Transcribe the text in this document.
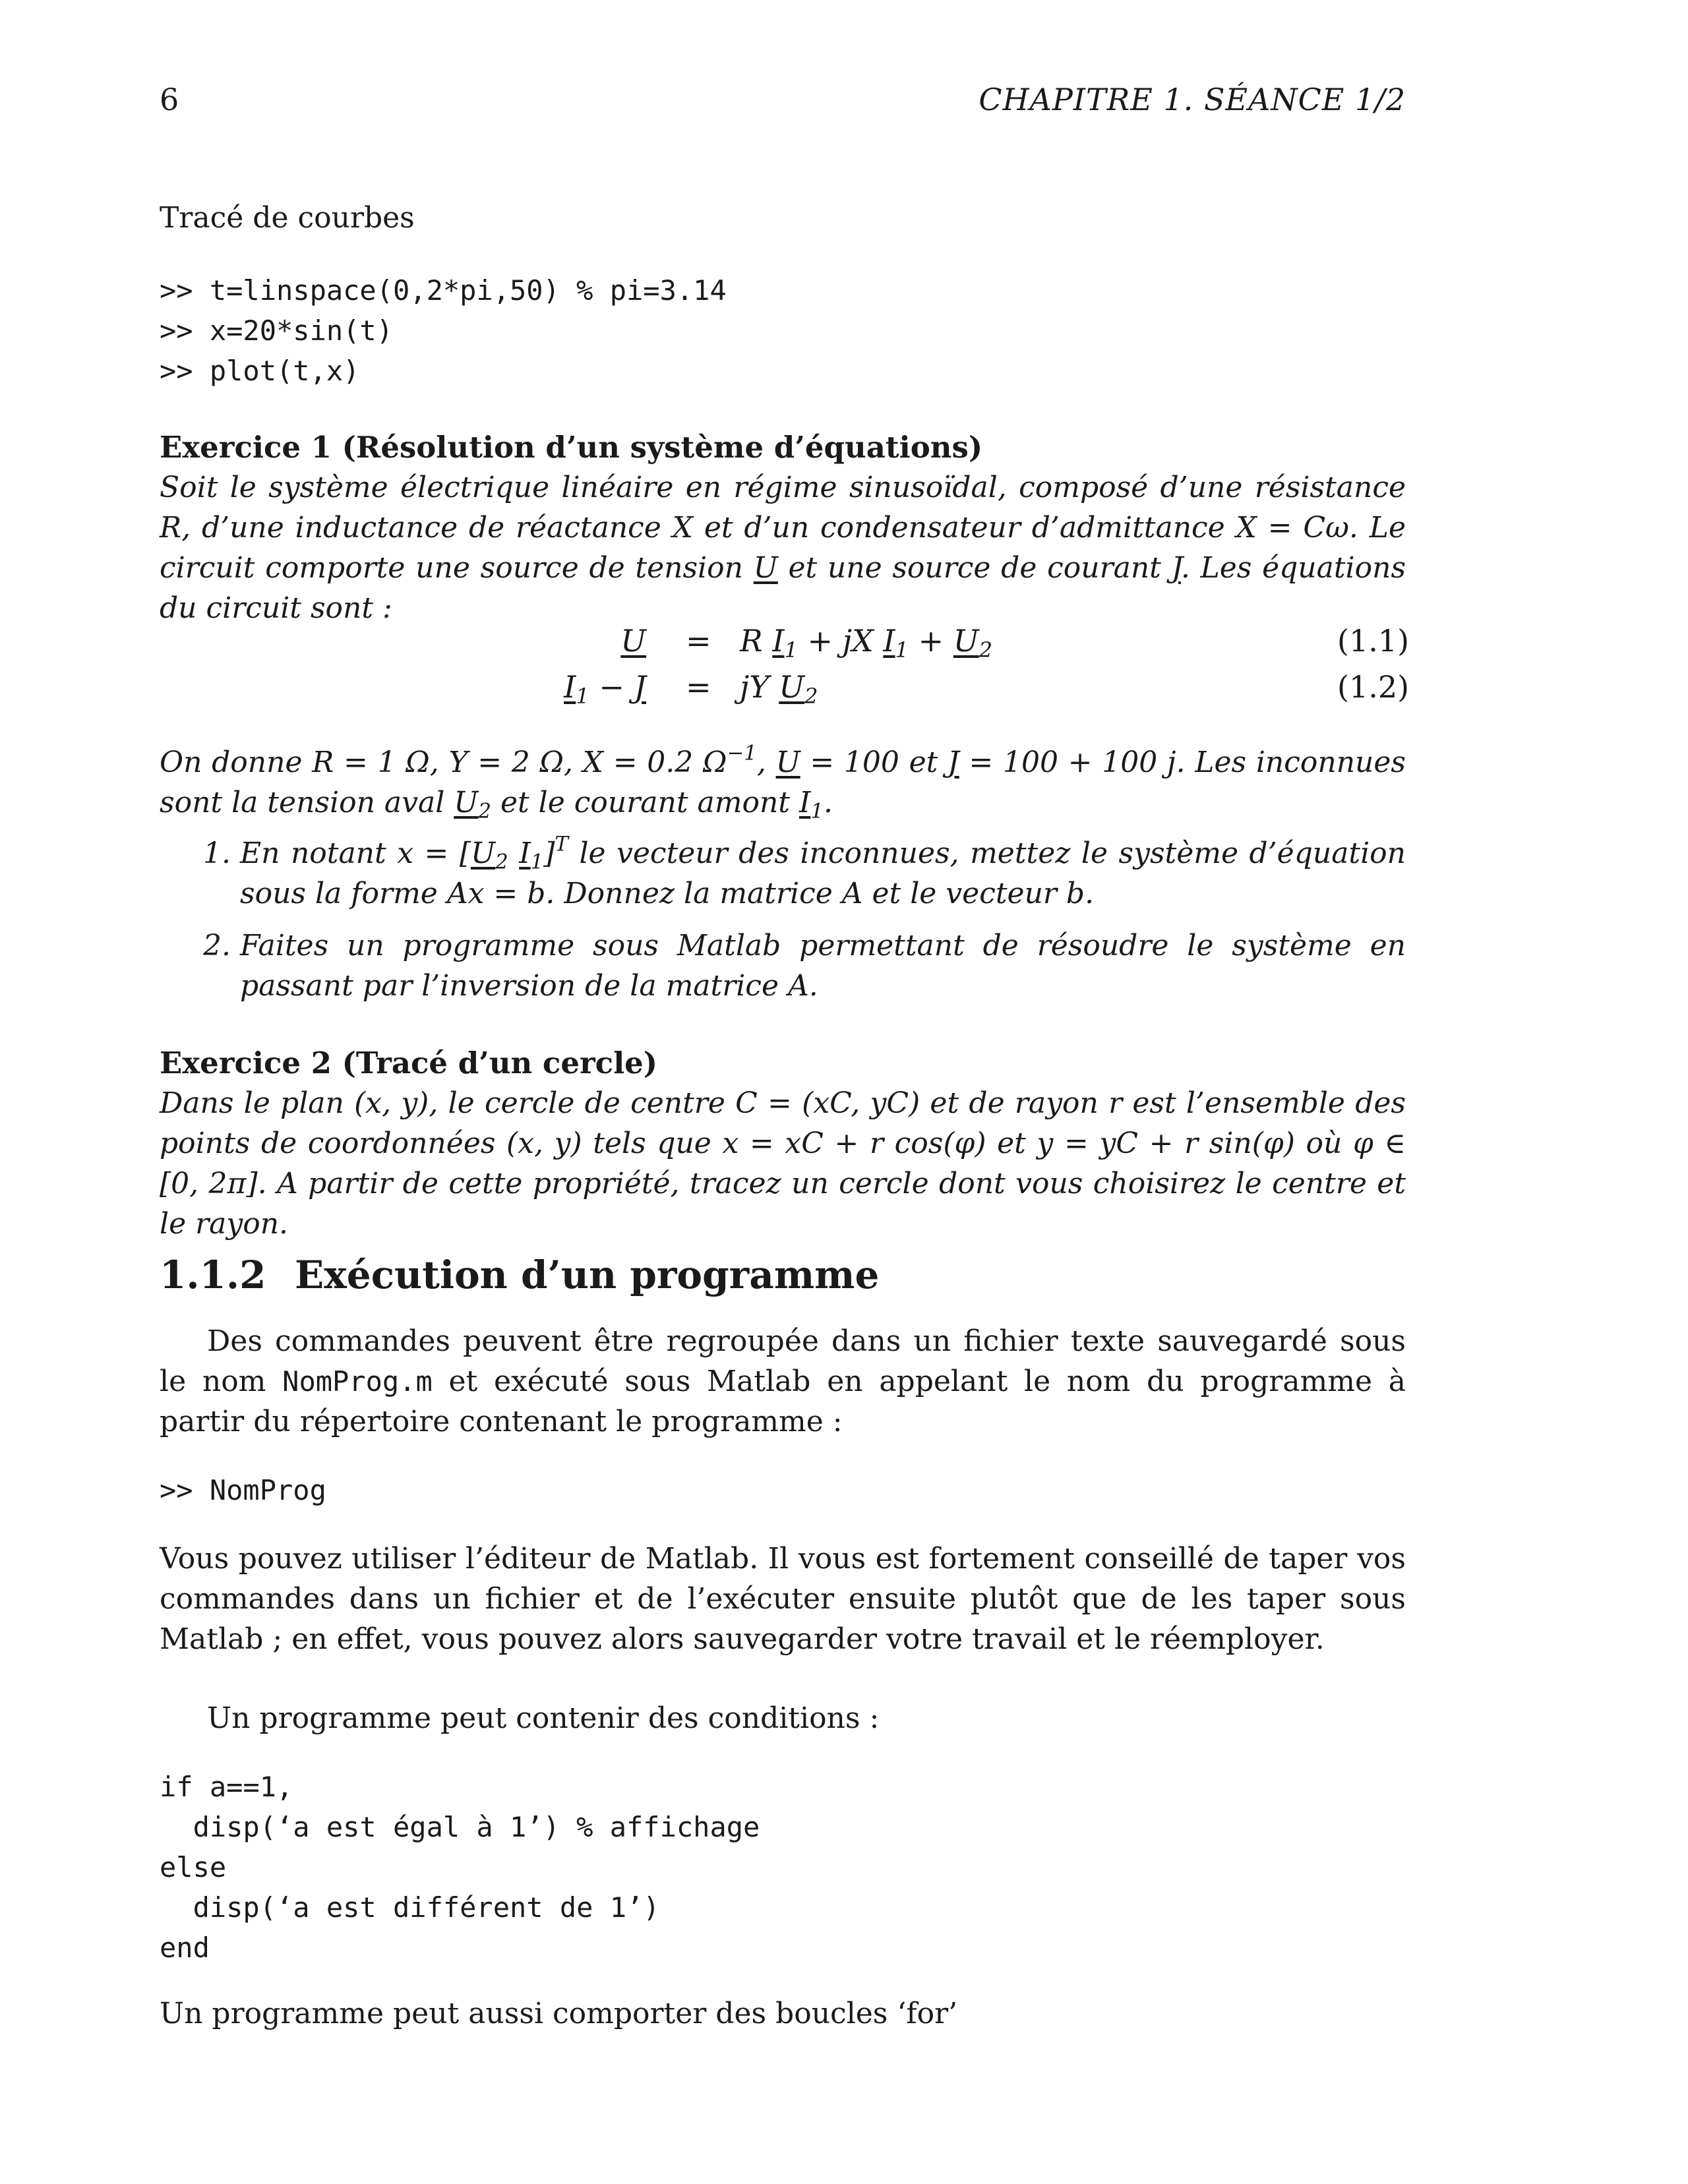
6	CHAPITRE 1. SÉANCE 1/2

Tracé de courbes

>> t=linspace(0,2*pi,50) % pi=3.14
>> x=20*sin(t)
>> plot(t,x)
Exercice 1 (Résolution d’un système d’équations)

Soit le système électrique linéaire en régime sinusoïdal, composé d’une résistance R, d’une inductance de réactance X et d’un condensateur d’admittance X = Cω. Le circuit comporte une source de tension U et une source de courant J. Les équations du circuit sont :

U = R $I_1$ + jX $I_1 + U_2$	(1.1)
$I_1 - J$ = jY $U_2$	(1.2)

On donne R = 1 Ω, Y = 2 Ω, X = 0.2 $\Omega^{-1}$, U = 100 et J = 100 + 100 j. Les inconnues sont la tension aval $U_2$ et le courant amont $I_1$.

1. En notant $x = [U_2$ $I_1]^T$ le vecteur des inconnues, mettez le système d’équation sous la forme Ax = b. Donnez la matrice A et le vecteur b.
2. Faites un programme sous Matlab permettant de résoudre le système en passant par l’inversion de la matrice A.
Exercice 2 (Tracé d’un cercle)

Dans le plan (x, y), le cercle de centre C = (xC, yC) et de rayon r est l’ensemble des points de coordonnées (x, y) tels que x = xC + r cos(φ) et y = yC + r sin(φ) où φ ∈ [0, 2π]. A partir de cette propriété, tracez un cercle dont vous choisirez le centre et le rayon.

1.1.2 Exécution d’un programme

Des commandes peuvent être regroupée dans un fichier texte sauvegardé sous le nom NomProg.m et exécuté sous Matlab en appelant le nom du programme à partir du répertoire contenant le programme :

>> NomProg

Vous pouvez utiliser l’éditeur de Matlab. Il vous est fortement conseillé de taper vos commandes dans un fichier et de l’exécuter ensuite plutôt que de les taper sous Matlab ; en effet, vous pouvez alors sauvegarder votre travail et le réemployer.

Un programme peut contenir des conditions :

if a==1,
disp(‘a est égal à 1’) % affichage
else
disp(‘a est différent de 1’)
end

Un programme peut aussi comporter des boucles ‘for’
